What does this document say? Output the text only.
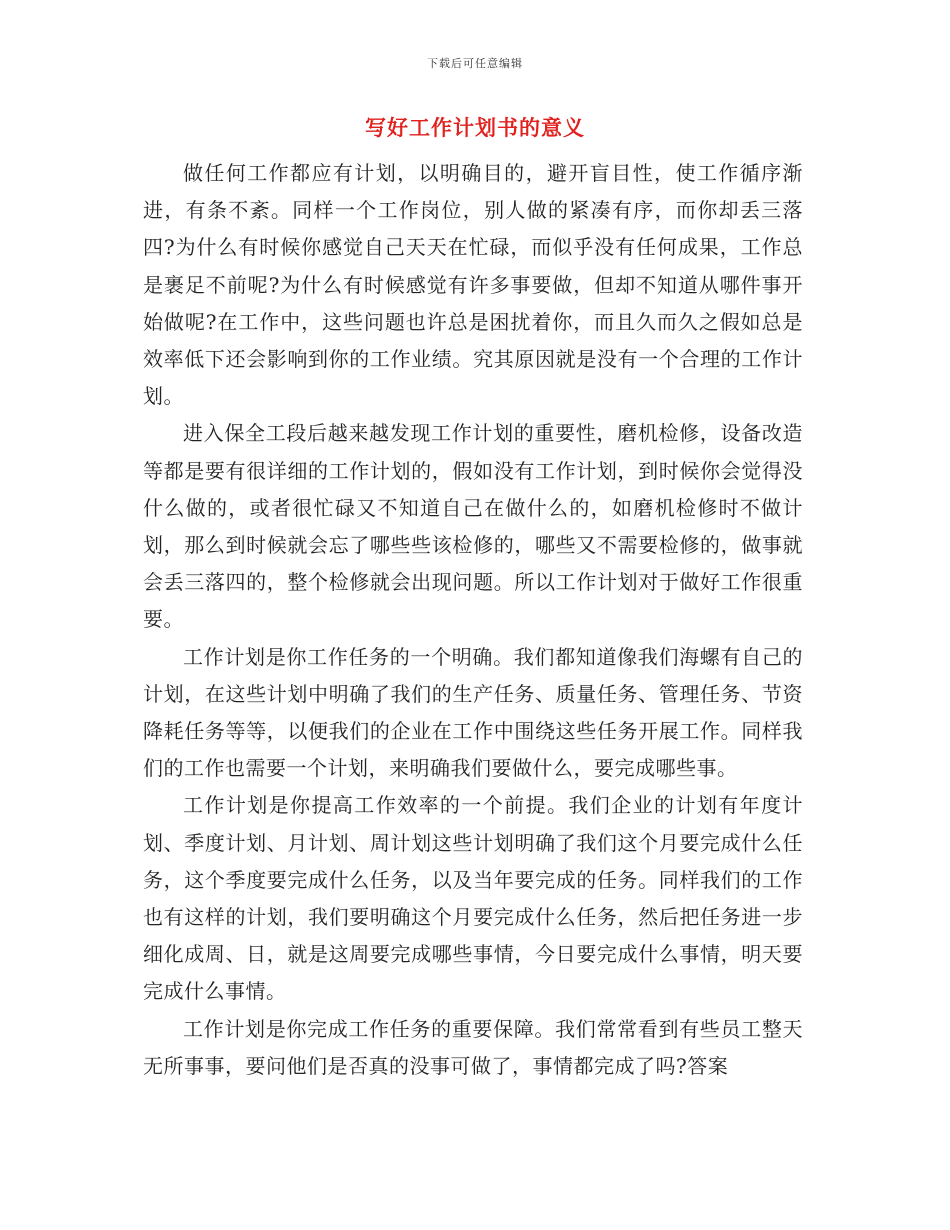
下载后可任意编辑
写好工作计划书的意义

做任何工作都应有计划，以明确目的，避开盲目性，使工作循序渐进，有条不紊。同样一个工作岗位，别人做的紧凑有序，而你却丢三落四?为什么有时候你感觉自己天天在忙碌，而似乎没有任何成果，工作总是裹足不前呢?为什么有时候感觉有许多事要做，但却不知道从哪件事开始做呢?在工作中，这些问题也许总是困扰着你，而且久而久之假如总是效率低下还会影响到你的工作业绩。究其原因就是没有一个合理的工作计划。

进入保全工段后越来越发现工作计划的重要性，磨机检修，设备改造等都是要有很详细的工作计划的，假如没有工作计划，到时候你会觉得没什么做的，或者很忙碌又不知道自己在做什么的，如磨机检修时不做计划，那么到时候就会忘了哪些些该检修的，哪些又不需要检修的，做事就会丢三落四的，整个检修就会出现问题。所以工作计划对于做好工作很重要。

工作计划是你工作任务的一个明确。我们都知道像我们海螺有自己的计划，在这些计划中明确了我们的生产任务、质量任务、管理任务、节资降耗任务等等，以便我们的企业在工作中围绕这些任务开展工作。同样我们的工作也需要一个计划，来明确我们要做什么，要完成哪些事。

工作计划是你提高工作效率的一个前提。我们企业的计划有年度计划、季度计划、月计划、周计划这些计划明确了我们这个月要完成什么任务，这个季度要完成什么任务，以及当年要完成的任务。同样我们的工作也有这样的计划，我们要明确这个月要完成什么任务，然后把任务进一步细化成周、日，就是这周要完成哪些事情，今日要完成什么事情，明天要完成什么事情。

工作计划是你完成工作任务的重要保障。我们常常看到有些员工整天无所事事，要问他们是否真的没事可做了，事情都完成了吗?答案
